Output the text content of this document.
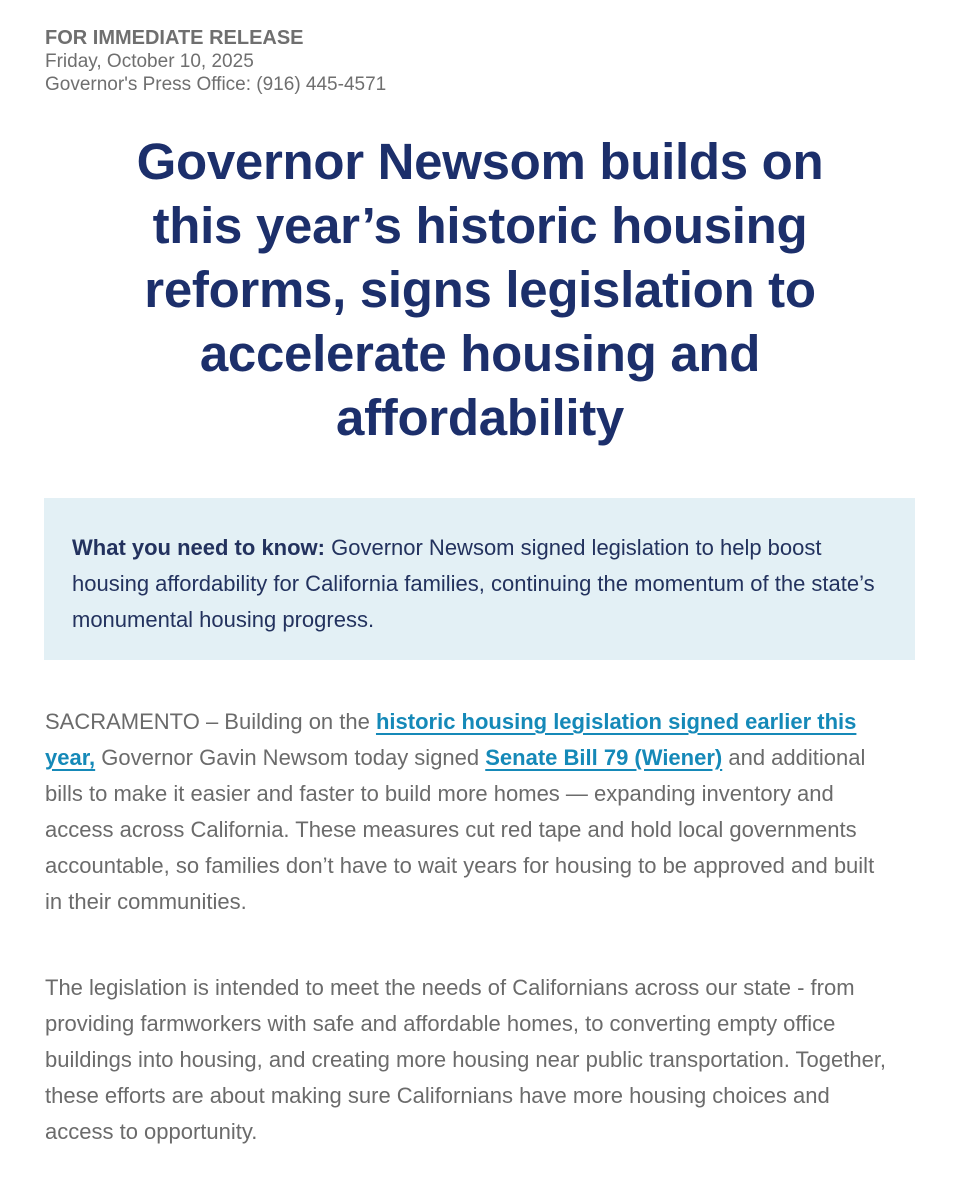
FOR IMMEDIATE RELEASE
Friday, October 10, 2025
Governor's Press Office: (916) 445-4571
Governor Newsom builds on
this year’s historic housing
reforms, signs legislation to
accelerate housing and
affordability

What you need to know: Governor Newsom signed legislation to help boost housing affordability for California families, continuing the momentum of the state’s monumental housing progress.

SACRAMENTO – Building on the historic housing legislation signed earlier this year, Governor Gavin Newsom today signed Senate Bill 79 (Wiener) and additional bills to make it easier and faster to build more homes — expanding inventory and access across California. These measures cut red tape and hold local governments accountable, so families don’t have to wait years for housing to be approved and built in their communities.

The legislation is intended to meet the needs of Californians across our state - from providing farmworkers with safe and affordable homes, to converting empty office buildings into housing, and creating more housing near public transportation. Together, these efforts are about making sure Californians have more housing choices and access to opportunity.
